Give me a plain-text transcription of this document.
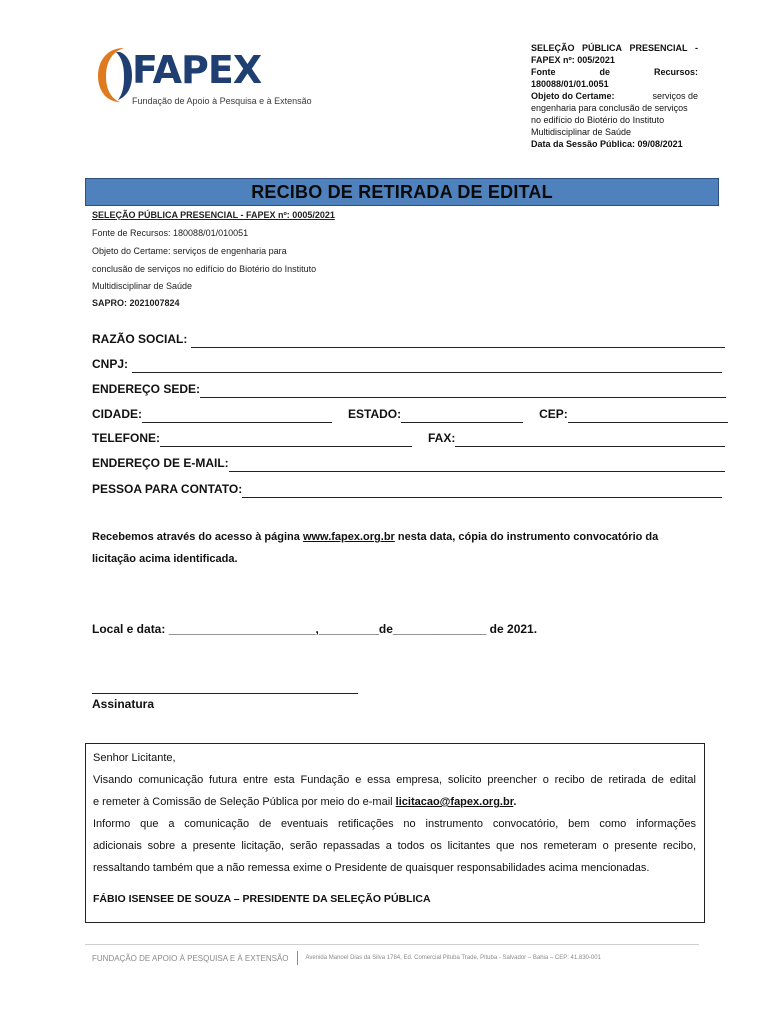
FAPEX
Fundação de Apoio à Pesquisa e à Extensão
SELEÇÃO PÚBLICA PRESENCIAL -
FAPEX nº: 005/2021
Fonte	de	Recursos:
180088/01/01.0051
Objeto do Certame:	serviços de
engenharia para conclusão de serviços
no edifício do Biotério do Instituto
Multidisciplinar de Saúde
Data da Sessão Pública: 09/08/2021
RECIBO DE RETIRADA DE EDITAL
SELEÇÃO PÚBLICA PRESENCIAL - FAPEX nº: 0005/2021
Fonte de Recursos: 180088/01/010051
Objeto do Certame: serviços de engenharia para
conclusão de serviços no edifício do Biotério do Instituto
Multidisciplinar de Saúde
SAPRO: 2021007824
RAZÃO SOCIAL:
CNPJ:
ENDEREÇO SEDE:
CIDADE:	ESTADO:	CEP:
TELEFONE:	FAX:
ENDEREÇO DE E-MAIL:
PESSOA PARA CONTATO:
Recebemos através do acesso à página www.fapex.org.br nesta data, cópia do instrumento convocatório da
licitação acima identificada.
Local e data: ______________________,_________de______________ de 2021.
Assinatura

Senhor Licitante,

Visando comunicação futura entre esta Fundação e essa empresa, solicito preencher o recibo de retirada de edital

e remeter à Comissão de Seleção Pública por meio do e-mail licitacao@fapex.org.br.

Informo que a comunicação de eventuais retificações no instrumento convocatório, bem como informações

adicionais sobre a presente licitação, serão repassadas a todos os licitantes que nos remeteram o presente recibo,

ressaltando também que a não remessa exime o Presidente de quaisquer responsabilidades acima mencionadas.

FÁBIO ISENSEE DE SOUZA – PRESIDENTE DA SELEÇÃO PÚBLICA

FUNDAÇÃO DE APOIO À PESQUISA E À EXTENSÃO	Avenida Manoel Dias da Silva 1784, Ed. Comercial Pituba Trade, Pituba - Salvador – Bahia – CEP: 41.830-001
